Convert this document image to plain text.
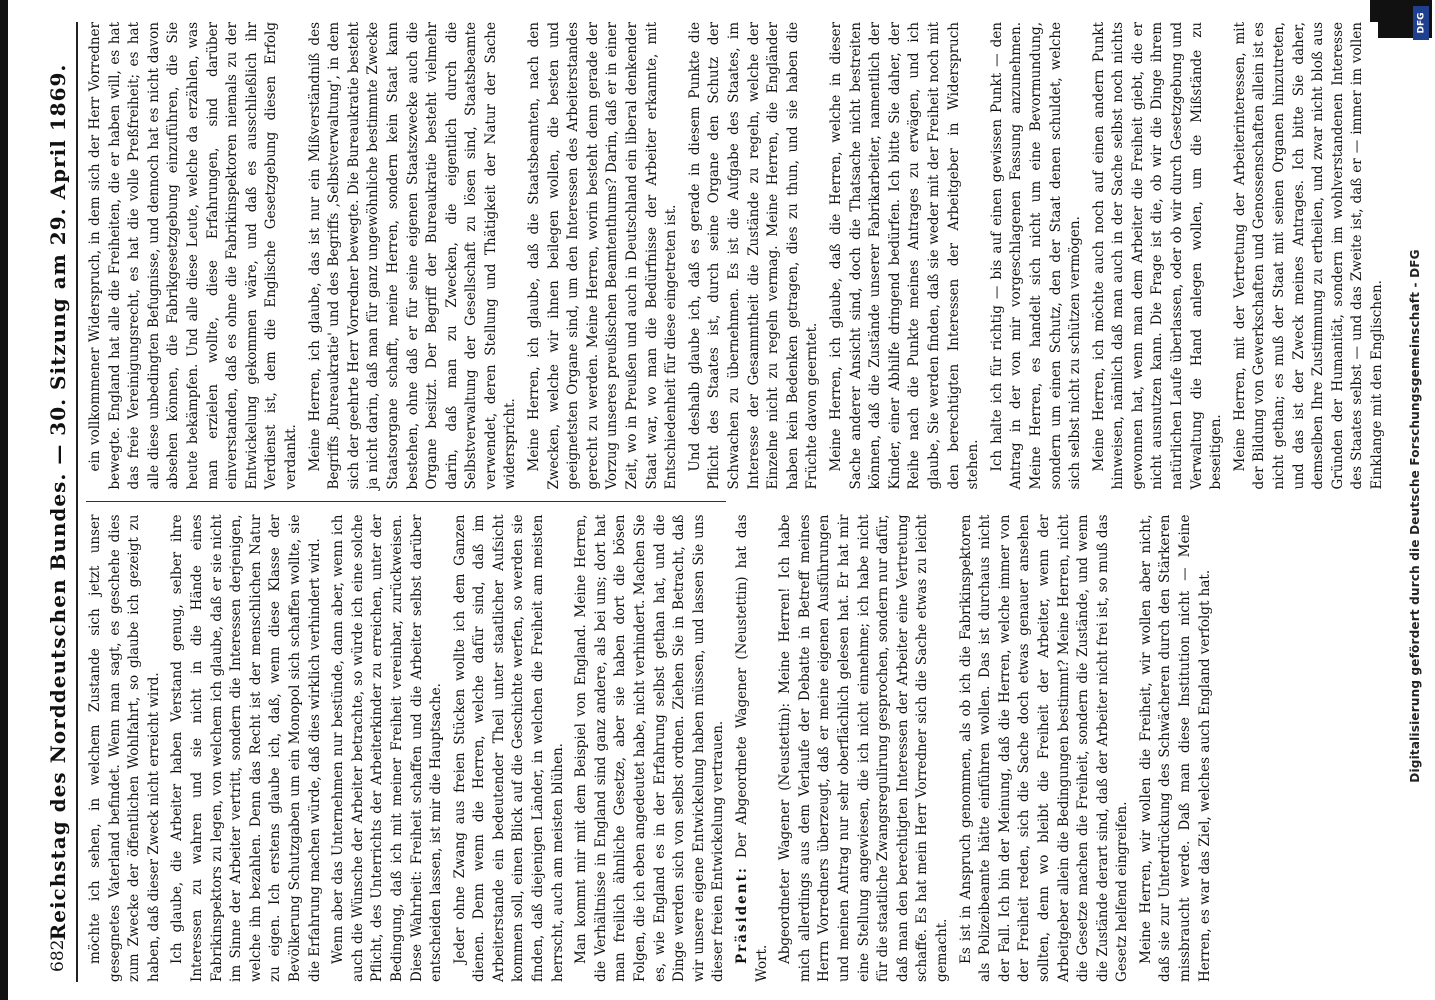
682
Reichstag des Norddeutschen Bundes. — 30. Sitzung am 29. April 1869. möchte ich sehen, in welchem Zustande sich jetzt unser gesegnetes Vaterland befindet. Wenn man sagt, es geschehe dies zum Zwecke der öffentlichen Wohlfahrt, so glaube ich gezeigt zu haben, daß dieser Zweck nicht erreicht wird. Ich glaube, die Arbeiter haben Verstand genug, selber ihre Interessen zu wahren und sie nicht in die Hände eines Fabrikinspektors zu legen, von welchem ich glaube, daß er sie nicht im Sinne der Arbeiter vertritt, sondern die Interessen derjenigen, welche ihn bezahlen. Denn das Recht ist der menschlichen Natur zu eigen. Ich erstens glaube ich, daß, wenn diese Klasse der Bevölkerung Schutzgaben um ein Monopol sich schaffen wollte, sie die Erfahrung machen würde, daß dies wirklich verhindert wird. Wenn aber das Unternehmen nur bestünde, dann aber, wenn ich auch die Wünsche der Arbeiter betrachte, so würde ich eine solche Pflicht, des Unterrichts der Arbeiterkinder zu erreichen, unter der Bedingung, daß ich mit meiner Freiheit vereinbar, zurückweisen. Diese Wahrheit: Freiheit schaffen und die Arbeiter selbst darüber entscheiden lassen, ist mir die Hauptsache. Jeder ohne Zwang aus freien Stücken wollte ich dem Ganzen dienen. Denn wenn die Herren, welche dafür sind, daß im Arbeiterstande ein bedeutender Theil unter staatlicher Aufsicht kommen soll, einen Blick auf die Geschichte werfen, so werden sie finden, daß diejenigen Länder, in welchen die Freiheit am meisten herrscht, auch am meisten blühen. Man kommt mir mit dem Beispiel von England. Meine Herren, die Verhältnisse in England sind ganz andere, als bei uns; dort hat man freilich ähnliche Gesetze, aber sie haben dort die bösen Folgen, die ich eben angedeutet habe, nicht verhindert. Machen Sie es, wie England es in der Erfahrung selbst gethan hat, und die Dinge werden sich von selbst ordnen. Ziehen Sie in Betracht, daß wir unsere eigene Entwickelung haben müssen, und lassen Sie uns dieser freien Entwickelung vertrauen. Präsident: Der Abgeordnete Wagener (Neustettin) hat das Wort. Abgeordneter Wagener (Neustettin): Meine Herren! Ich habe mich allerdings aus dem Verlaufe der Debatte in Betreff meines Herrn Vorredners überzeugt, daß er meine eigenen Ausführungen und meinen Antrag nur sehr oberflächlich gelesen hat. Er hat mir eine Stellung angewiesen, die ich nicht einnehme; ich habe nicht für die staatliche Zwangsregulirung gesprochen, sondern nur dafür, daß man den berechtigten Interessen der Arbeiter eine Vertretung schaffe. Es hat mein Herr Vorredner sich die Sache etwas zu leicht gemacht. Es ist in Anspruch genommen, als ob ich die Fabrikinspektoren als Polizeibeamte hätte einführen wollen. Das ist durchaus nicht der Fall. Ich bin der Meinung, daß die Herren, welche immer von der Freiheit reden, sich die Sache doch etwas genauer ansehen sollten, denn wo bleibt die Freiheit der Arbeiter, wenn der Arbeitgeber allein die Bedingungen bestimmt? Meine Herren, nicht die Gesetze machen die Freiheit, sondern die Zustände, und wenn die Zustände derart sind, daß der Arbeiter nicht frei ist, so muß das Gesetz helfend eingreifen. Meine Herren, wir wollen die Freiheit, wir wollen aber nicht, daß sie zur Unterdrückung des Schwächeren durch den Stärkeren missbraucht werde. Daß man diese Institution nicht — Meine Herren, es war das Ziel, welches auch England verfolgt hat.

ein vollkommener Widerspruch, in dem sich der Herr Vorredner bewegte. England hat alle die Freiheiten, die er haben will, es hat das freie Vereinigungsrecht, es hat die volle Preßfreiheit; es hat alle diese unbedingten Befugnisse, und dennoch hat es nicht davon absehen können, die Fabrikgesetzgebung einzuführen, die Sie heute bekämpfen. Und alle diese Leute, welche da erzählen, was man erzielen wollte, diese Erfahrungen, sind darüber einverstanden, daß es ohne die Fabrikinspektoren niemals zu der Entwickelung gekommen wäre, und daß es ausschließlich ihr Verdienst ist, dem die Englische Gesetzgebung diesen Erfolg verdankt. Meine Herren, ich glaube, das ist nur ein Mißverständniß des Begriffs ‚Bureaukratie' und des Begriffs ‚Selbstverwaltung', in dem sich der geehrte Herr Vorredner bewegte. Die Bureaukratie besteht ja nicht darin, daß man für ganz ungewöhnliche bestimmte Zwecke Staatsorgane schafft, meine Herren, sondern kein Staat kann bestehen, ohne daß er für seine eigenen Staatszwecke auch die Organe besitzt. Der Begriff der Bureaukratie besteht vielmehr darin, daß man zu Zwecken, die eigentlich durch die Selbstverwaltung der Gesellschaft zu lösen sind, Staatsbeamte verwendet, deren Stellung und Thätigkeit der Natur der Sache widerspricht. Meine Herren, ich glaube, daß die Staatsbeamten, nach den Zwecken, welche wir ihnen beilegen wollen, die besten und geeignetsten Organe sind, um den Interessen des Arbeiterstandes gerecht zu werden. Meine Herren, worin besteht denn gerade der Vorzug unseres preußischen Beamtenthums? Darin, daß er in einer Zeit, wo in Preußen und auch in Deutschland ein liberal denkender Staat war, wo man die Bedürfnisse der Arbeiter erkannte, mit Entschiedenheit für diese eingetreten ist. Und deshalb glaube ich, daß es gerade in diesem Punkte die Pflicht des Staates ist, durch seine Organe den Schutz der Schwachen zu übernehmen. Es ist die Aufgabe des Staates, im Interesse der Gesammtheit die Zustände zu regeln, welche der Einzelne nicht zu regeln vermag. Meine Herren, die Engländer haben kein Bedenken getragen, dies zu thun, und sie haben die Früchte davon geerntet. Meine Herren, ich glaube, daß die Herren, welche in dieser Sache anderer Ansicht sind, doch die Thatsache nicht bestreiten können, daß die Zustände unserer Fabrikarbeiter, namentlich der Kinder, einer Abhilfe dringend bedürfen. Ich bitte Sie daher, der Reihe nach die Punkte meines Antrages zu erwägen, und ich glaube, Sie werden finden, daß sie weder mit der Freiheit noch mit den berechtigten Interessen der Arbeitgeber in Widerspruch stehen. Ich halte ich für richtig — bis auf einen gewissen Punkt — den Antrag in der von mir vorgeschlagenen Fassung anzunehmen. Meine Herren, es handelt sich nicht um eine Bevormundung, sondern um einen Schutz, den der Staat denen schuldet, welche sich selbst nicht zu schützen vermögen. Meine Herren, ich möchte auch noch auf einen andern Punkt hinweisen, nämlich daß man auch in der Sache selbst noch nichts gewonnen hat, wenn man dem Arbeiter die Freiheit giebt, die er nicht ausnutzen kann. Die Frage ist die, ob wir die Dinge ihrem natürlichen Laufe überlassen, oder ob wir durch Gesetzgebung und Verwaltung die Hand anlegen wollen, um die Mißstände zu beseitigen. Meine Herren, mit der Vertretung der Arbeiterinteressen, mit der Bildung von Gewerkschaften und Genossenschaften allein ist es nicht gethan; es muß der Staat mit seinen Organen hinzutreten, und das ist der Zweck meines Antrages. Ich bitte Sie daher, demselben Ihre Zustimmung zu ertheilen, und zwar nicht bloß aus Gründen der Humanität, sondern im wohlverstandenen Interesse des Staates selbst — und das Zweite ist, daß er — immer im vollen Einklange mit den Englischen. Digitalisierung gefördert durch die Deutsche Forschungsgemeinschaft - DFG
DFG
